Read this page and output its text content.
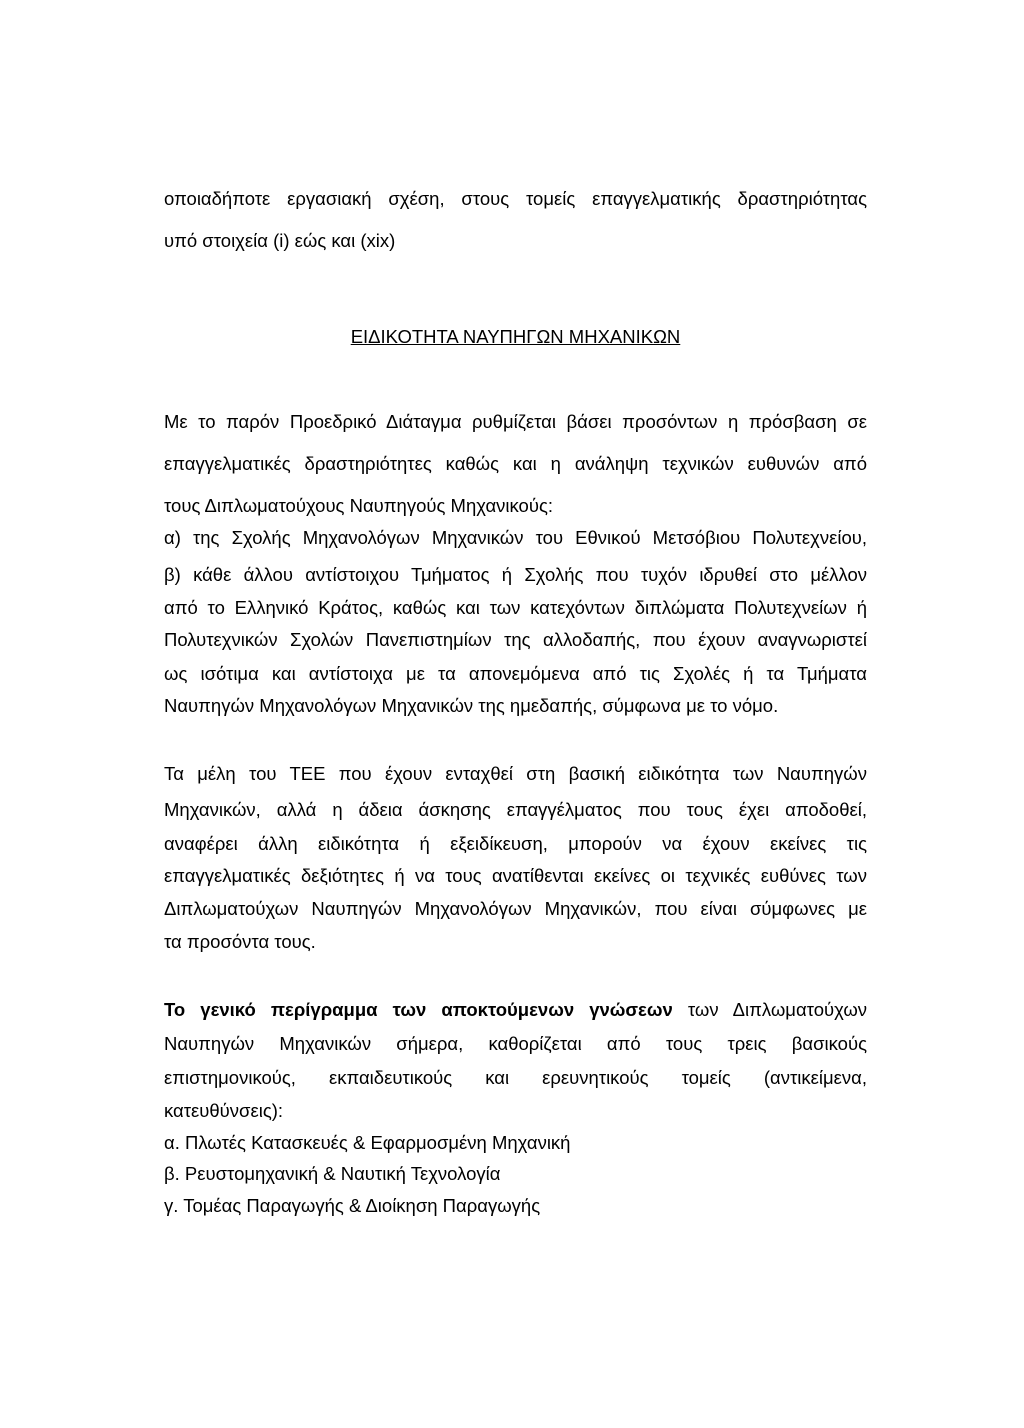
οποιαδήποτε εργασιακή σχέση, στους τομείς επαγγελματικής δραστηριότητας
υπό στοιχεία (i) εώς και (xix)
ΕΙΔΙΚΟΤΗΤΑ ΝΑΥΠΗΓΩΝ ΜΗΧΑΝΙΚΩΝ
Με το παρόν Προεδρικό Διάταγμα ρυθμίζεται βάσει προσόντων η πρόσβαση σε
επαγγελματικές δραστηριότητες καθώς και η ανάληψη τεχνικών ευθυνών από
τους Διπλωματούχους Ναυπηγούς Μηχανικούς:
α) της Σχολής Μηχανολόγων Μηχανικών του Εθνικού Μετσόβιου Πολυτεχνείου,
β) κάθε άλλου αντίστοιχου Τμήματος ή Σχολής που τυχόν ιδρυθεί στο μέλλον
από το Ελληνικό Κράτος, καθώς και των κατεχόντων διπλώματα Πολυτεχνείων ή
Πολυτεχνικών Σχολών Πανεπιστημίων της αλλοδαπής, που έχουν αναγνωριστεί
ως ισότιμα και αντίστοιχα με τα απονεμόμενα από τις Σχολές ή τα Τμήματα
Ναυπηγών Μηχανολόγων Μηχανικών της ημεδαπής, σύμφωνα με το νόμο.
Τα μέλη του ΤΕΕ που έχουν ενταχθεί στη βασική ειδικότητα των Ναυπηγών
Μηχανικών, αλλά η άδεια άσκησης επαγγέλματος που τους έχει αποδοθεί,
αναφέρει άλλη ειδικότητα ή εξειδίκευση, μπορούν να έχουν εκείνες τις
επαγγελματικές δεξιότητες ή να τους ανατίθενται εκείνες οι τεχνικές ευθύνες των
Διπλωματούχων Ναυπηγών Μηχανολόγων Μηχανικών, που είναι σύμφωνες με
τα προσόντα τους.
Το γενικό περίγραμμα των αποκτούμενων γνώσεων των Διπλωματούχων
Ναυπηγών Μηχανικών σήμερα, καθορίζεται από τους τρεις βασικούς
επιστημονικούς, εκπαιδευτικούς και ερευνητικούς τομείς (αντικείμενα,
κατευθύνσεις):
α. Πλωτές Κατασκευές & Εφαρμοσμένη Μηχανική
β. Ρευστομηχανική & Ναυτική Τεχνολογία
γ. Τομέας Παραγωγής & Διοίκηση Παραγωγής
